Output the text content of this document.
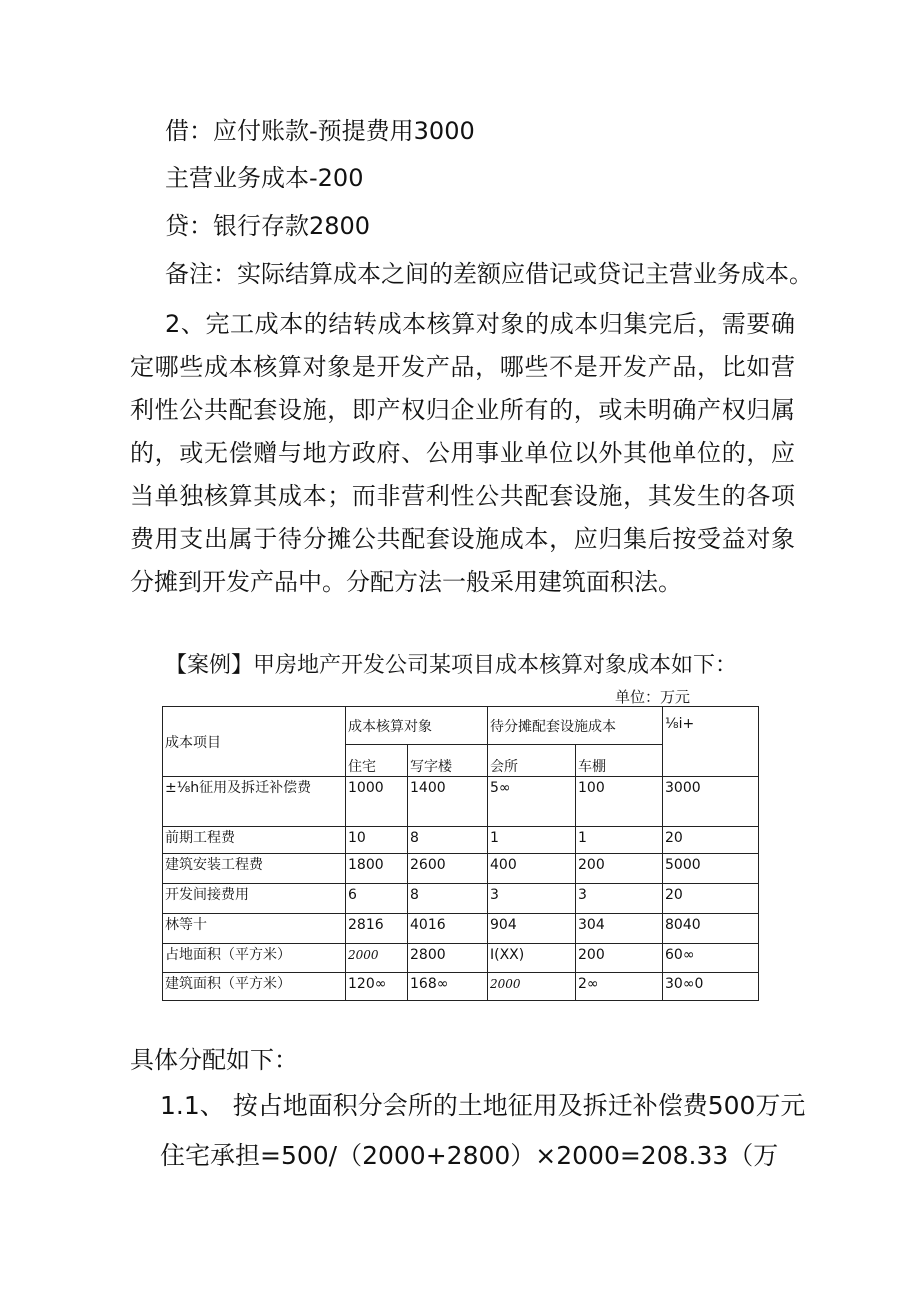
借：应付账款-预提费用3000
主营业务成本-200
贷：银行存款2800
备注：实际结算成本之间的差额应借记或贷记主营业务成本。
2、完工成本的结转成本核算对象的成本归集完后，需要确定哪些成本核算对象是开发产品，哪些不是开发产品，比如营利性公共配套设施，即产权归企业所有的，或未明确产权归属的，或无偿赠与地方政府、公用事业单位以外其他单位的，应当单独核算其成本；而非营利性公共配套设施，其发生的各项费用支出属于待分摊公共配套设施成本，应归集后按受益对象分摊到开发产品中。分配方法一般采用建筑面积法。
【案例】甲房地产开发公司某项目成本核算对象成本如下：
单位：万元
成本项目	成本核算对象		待分摊配套设施成本		⅛i+
	住宅	写字楼	会所	车棚	
±⅛h征用及拆迁补偿费	1000	1400	5∞	100	3000
前期工程费	10	8	1	1	20
建筑安装工程费	1800	2600	400	200	5000
开发间接费用	6	8	3	3	20
林等十	2816	4016	904	304	8040
占地面积（平方米）	2000	2800	I(XX)	200	60∞
建筑面积（平方米）	120∞	168∞	2000	2∞	30∞0
具体分配如下：
1.1、 按占地面积分会所的土地征用及拆迁补偿费500万元
住宅承担=500/（2000+2800）×2000=208.33（万
